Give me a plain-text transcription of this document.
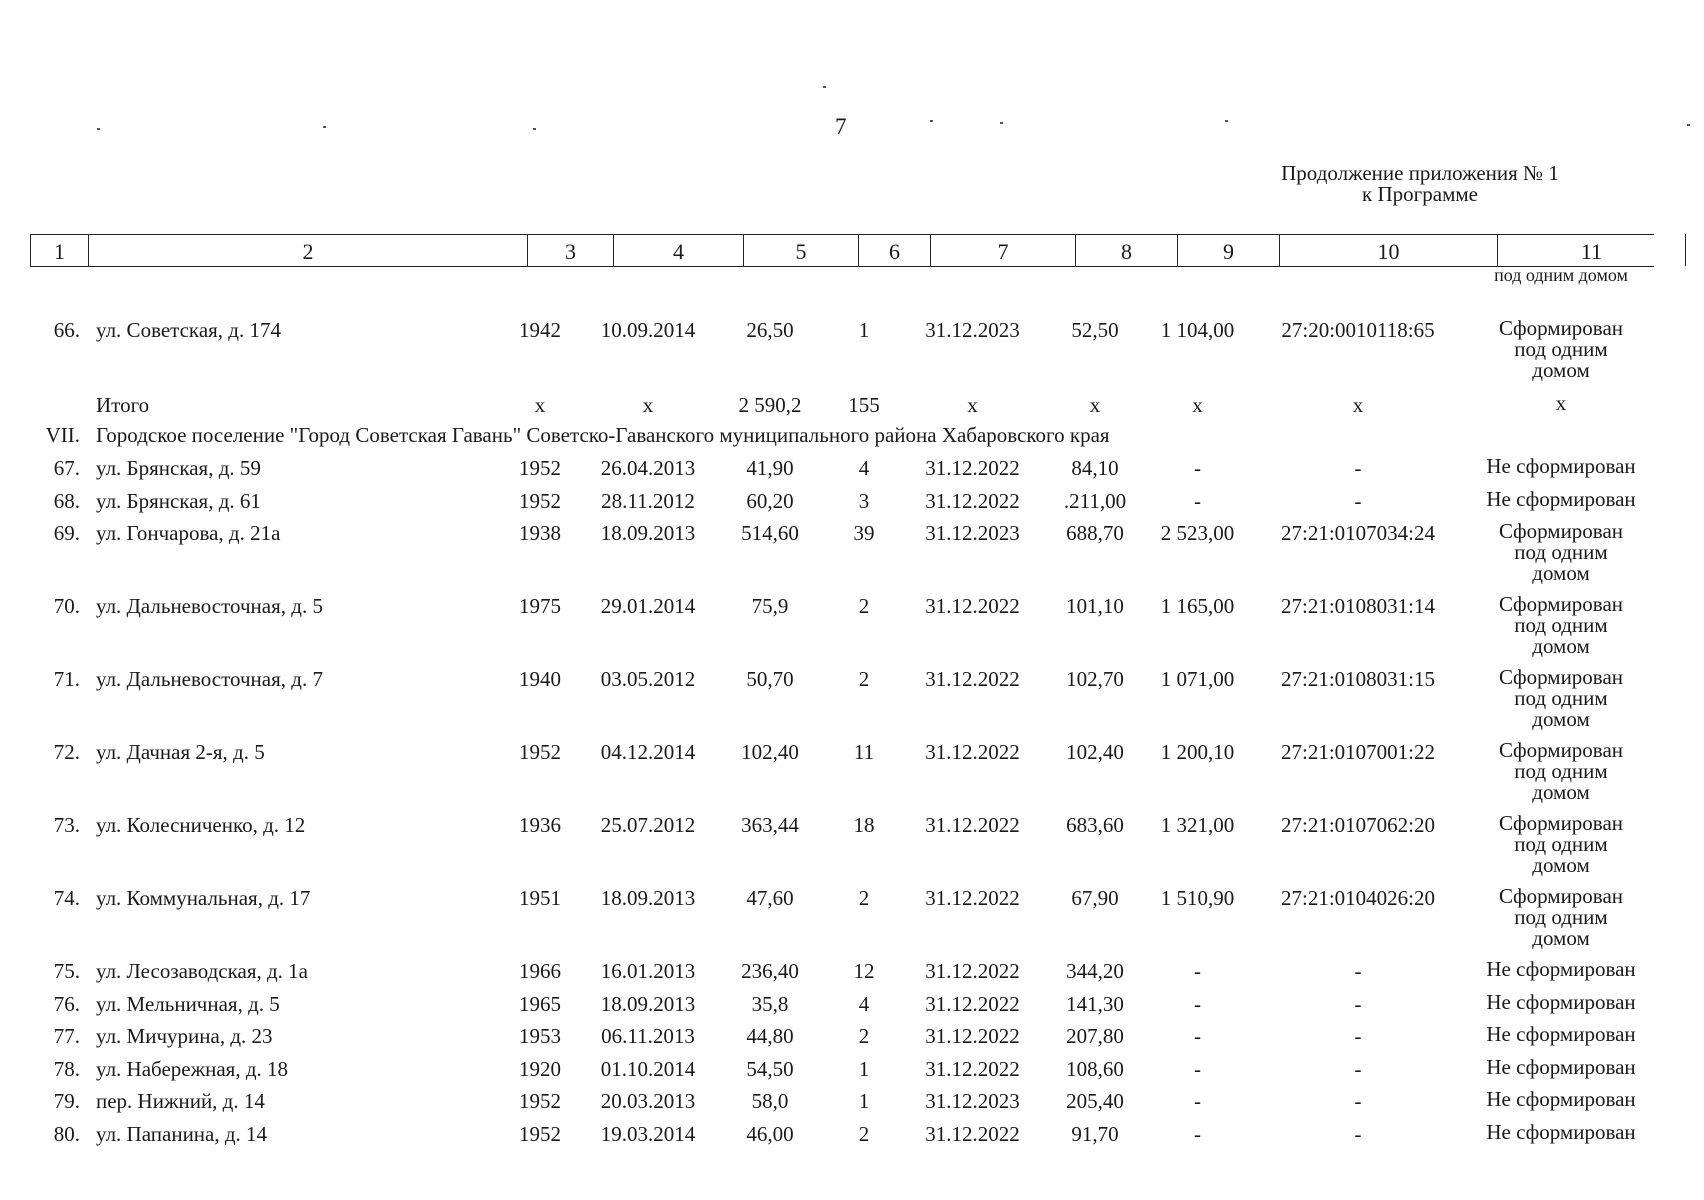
7
Продолжение приложения № 1
к Программе
1	2	3	4	5	6	7	8	9	10	11
под одним домом
66. ул. Советская, д. 174	1942	10.09.2014	26,50	1	31.12.2023	52,50	1 104,00	27:20:0010118:65	Сформирован
под одним
домом
Итого	х	х	2 590,2	155	х	х	х	х	х
VII. Городское поселение "Город Советская Гавань" Советско-Гаванского муниципального района Хабаровского края
67. ул. Брянская, д. 59	1952	26.04.2013	41,90	4	31.12.2022	84,10	-	-	Не сформирован
68. ул. Брянская, д. 61	1952	28.11.2012	60,20	3	31.12.2022	.211,00	-	-	Не сформирован
69. ул. Гончарова, д. 21а	1938	18.09.2013	514,60	39	31.12.2023	688,70	2 523,00	27:21:0107034:24	Сформирован
под одним
домом
70. ул. Дальневосточная, д. 5	1975	29.01.2014	75,9	2	31.12.2022	101,10	1 165,00	27:21:0108031:14	Сформирован
под одним
домом
71. ул. Дальневосточная, д. 7	1940	03.05.2012	50,70	2	31.12.2022	102,70	1 071,00	27:21:0108031:15	Сформирован
под одним
домом
72. ул. Дачная 2-я, д. 5	1952	04.12.2014	102,40	11	31.12.2022	102,40	1 200,10	27:21:0107001:22	Сформирован
под одним
домом
73. ул. Колесниченко, д. 12	1936	25.07.2012	363,44	18	31.12.2022	683,60	1 321,00	27:21:0107062:20	Сформирован
под одним
домом
74. ул. Коммунальная, д. 17	1951	18.09.2013	47,60	2	31.12.2022	67,90	1 510,90	27:21:0104026:20	Сформирован
под одним
домом
75. ул. Лесозаводская, д. 1а	1966	16.01.2013	236,40	12	31.12.2022	344,20	-	-	Не сформирован
76. ул. Мельничная, д. 5	1965	18.09.2013	35,8	4	31.12.2022	141,30	-	-	Не сформирован
77. ул. Мичурина, д. 23	1953	06.11.2013	44,80	2	31.12.2022	207,80	-	-	Не сформирован
78. ул. Набережная, д. 18	1920	01.10.2014	54,50	1	31.12.2022	108,60	-	-	Не сформирован
79. пер. Нижний, д. 14	1952	20.03.2013	58,0	1	31.12.2023	205,40	-	-	Не сформирован
80. ул. Папанина, д. 14	1952	19.03.2014	46,00	2	31.12.2022	91,70	-	-	Не сформирован
